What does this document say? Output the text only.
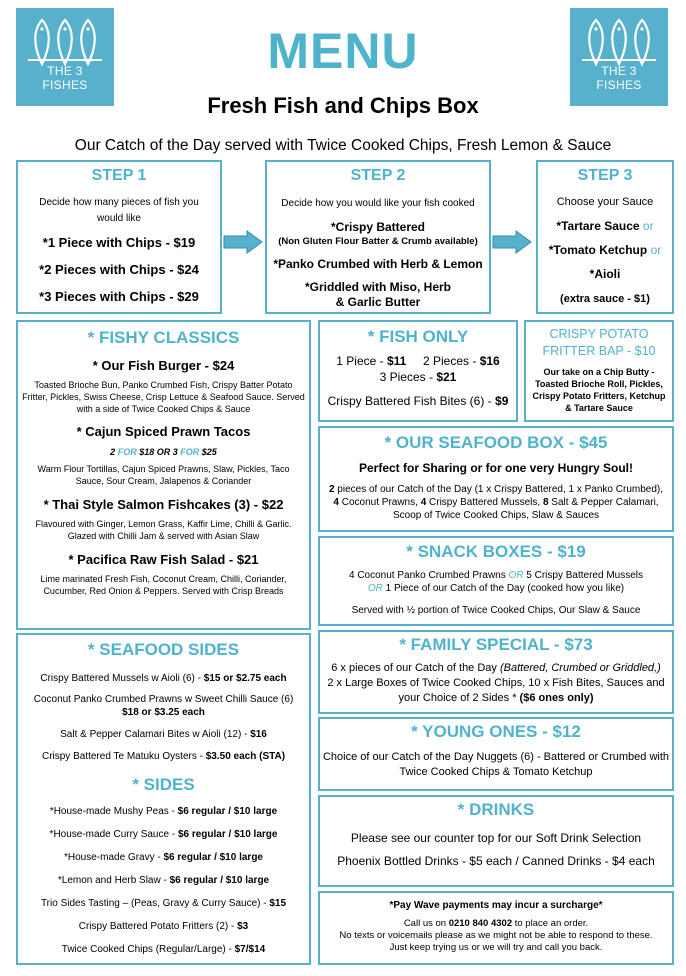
THE 3 FISHES
THE 3 FISHES
MENU
Fresh Fish and Chips Box
Our Catch of the Day served with Twice Cooked Chips, Fresh Lemon & Sauce
STEP 1
Decide how many pieces of fish you would like
*1 Piece with Chips - $19
*2 Pieces with Chips - $24
*3 Pieces with Chips - $29
STEP 2
Decide how you would like your fish cooked
*Crispy Battered
(Non Gluten Flour Batter & Crumb available)
*Panko Crumbed with Herb & Lemon
*Griddled with Miso, Herb
& Garlic Butter
STEP 3
Choose your Sauce
*Tartare Sauce or
*Tomato Ketchup or
*Aioli
(extra sauce - $1)
* FISHY CLASSICS
* Our Fish Burger - $24
Toasted Brioche Bun, Panko Crumbed Fish, Crispy Batter Potato Fritter, Pickles, Swiss Cheese, Crisp Lettuce & Seafood Sauce. Served with a side of Twice Cooked Chips & Sauce
* Cajun Spiced Prawn Tacos
2 FOR $18 OR 3 FOR $25
Warm Flour Tortillas, Cajun Spiced Prawns, Slaw, Pickles, Taco Sauce, Sour Cream, Jalapenos & Coriander
* Thai Style Salmon Fishcakes (3) - $22
Flavoured with Ginger, Lemon Grass, Kaffir Lime, Chilli & Garlic. Glazed with Chilli Jam & served with Asian Slaw
* Pacifica Raw Fish Salad - $21
Lime marinated Fresh Fish, Coconut Cream, Chilli, Coriander, Cucumber, Red Onion & Peppers. Served with Crisp Breads
* FISH ONLY
1 Piece - $11 2 Pieces - $16
3 Pieces - $21
Crispy Battered Fish Bites (6) - $9
CRISPY POTATO FRITTER BAP - $10
Our take on a Chip Butty - Toasted Brioche Roll, Pickles, Crispy Potato Fritters, Ketchup & Tartare Sauce
* OUR SEAFOOD BOX - $45
Perfect for Sharing or for one very Hungry Soul!
2 pieces of our Catch of the Day (1 x Crispy Battered, 1 x Panko Crumbed),
4 Coconut Prawns, 4 Crispy Battered Mussels, 8 Salt & Pepper Calamari,
Scoop of Twice Cooked Chips, Slaw & Sauces
* SNACK BOXES - $19
4 Coconut Panko Crumbed Prawns OR 5 Crispy Battered Mussels
OR 1 Piece of our Catch of the Day (cooked how you like)
Served with ½ portion of Twice Cooked Chips, Our Slaw & Sauce
* FAMILY SPECIAL - $73
6 x pieces of our Catch of the Day (Battered, Crumbed or Griddled,)
2 x Large Boxes of Twice Cooked Chips, 10 x Fish Bites, Sauces and
your Choice of 2 Sides * ($6 ones only)
* YOUNG ONES - $12
Choice of our Catch of the Day Nuggets (6) - Battered or Crumbed with
Twice Cooked Chips & Tomato Ketchup
* SEAFOOD SIDES
Crispy Battered Mussels w Aioli (6) - $15 or $2.75 each
Coconut Panko Crumbed Prawns w Sweet Chilli Sauce (6)
$18 or $3.25 each
Salt & Pepper Calamari Bites w Aioli (12) - $16
Crispy Battered Te Matuku Oysters - $3.50 each (STA)
* SIDES
*House-made Mushy Peas - $6 regular / $10 large
*House-made Curry Sauce - $6 regular / $10 large
*House-made Gravy - $6 regular / $10 large
*Lemon and Herb Slaw - $6 regular / $10 large
Trio Sides Tasting – (Peas, Gravy & Curry Sauce) - $15
Crispy Battered Potato Fritters (2) - $3
Twice Cooked Chips (Regular/Large) - $7/$14
* DRINKS
Please see our counter top for our Soft Drink Selection
Phoenix Bottled Drinks - $5 each / Canned Drinks - $4 each
*Pay Wave payments may incur a surcharge*
Call us on 0210 840 4302 to place an order.
No texts or voicemails please as we might not be able to respond to these.
Just keep trying us or we will try and call you back.
